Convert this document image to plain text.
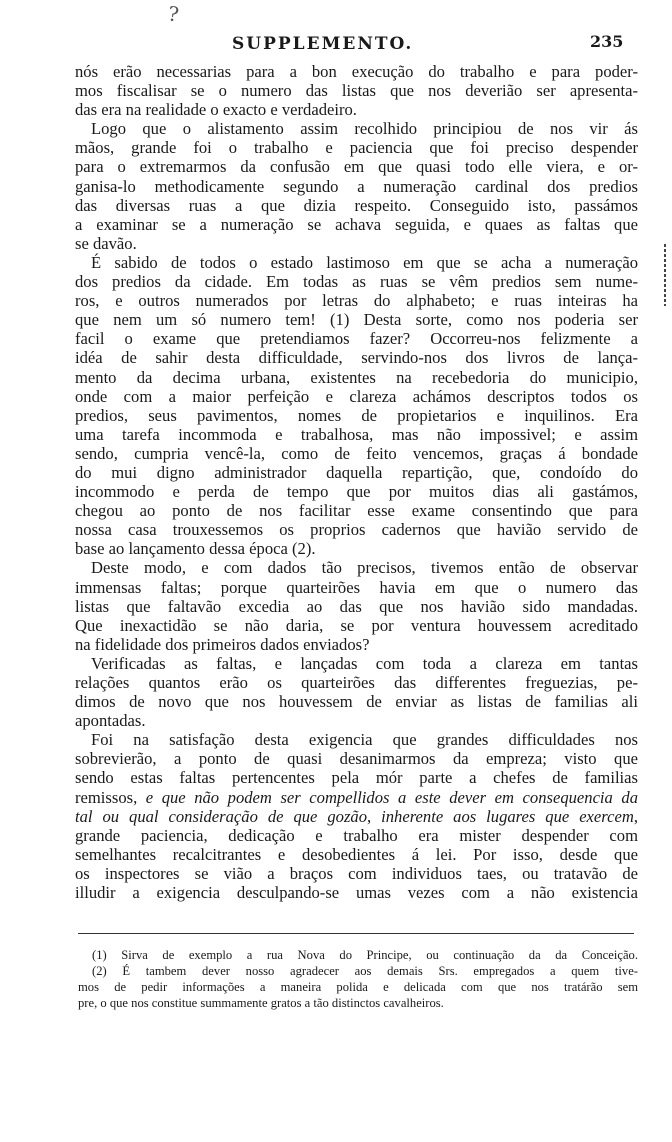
?
SUPPLEMENTO.	235
nós erão necessarias para a bon execução do trabalho e para poder-
mos fiscalisar se o numero das listas que nos deverião ser apresenta-
das era na realidade o exacto e verdadeiro.
Logo que o alistamento assim recolhido principiou de nos vir ás
mãos, grande foi o trabalho e paciencia que foi preciso despender
para o extremarmos da confusão em que quasi todo elle viera, e or-
ganisa-lo methodicamente segundo a numeração cardinal dos predios
das diversas ruas a que dizia respeito. Conseguido isto, passámos
a examinar se a numeração se achava seguida, e quaes as faltas que
se davão.
É sabido de todos o estado lastimoso em que se acha a numeração
dos predios da cidade. Em todas as ruas se vêm predios sem nume-
ros, e outros numerados por letras do alphabeto; e ruas inteiras ha
que nem um só numero tem! (1) Desta sorte, como nos poderia ser
facil o exame que pretendiamos fazer? Occorreu-nos felizmente a
idéa de sahir desta difficuldade, servindo-nos dos livros de lança-
mento da decima urbana, existentes na recebedoria do municipio,
onde com a maior perfeição e clareza achámos descriptos todos os
predios, seus pavimentos, nomes de propietarios e inquilinos. Era
uma tarefa incommoda e trabalhosa, mas não impossivel; e assim
sendo, cumpria vencê-la, como de feito vencemos, graças á bondade
do mui digno administrador daquella repartição, que, condoído do
incommodo e perda de tempo que por muitos dias ali gastámos,
chegou ao ponto de nos facilitar esse exame consentindo que para
nossa casa trouxessemos os proprios cadernos que havião servido de
base ao lançamento dessa época (2).
Deste modo, e com dados tão precisos, tivemos então de observar
immensas faltas; porque quarteirões havia em que o numero das
listas que faltavão excedia ao das que nos havião sido mandadas.
Que inexactidão se não daria, se por ventura houvessem acreditado
na fidelidade dos primeiros dados enviados?
Verificadas as faltas, e lançadas com toda a clareza em tantas
relações quantos erão os quarteirões das differentes freguezias, pe-
dimos de novo que nos houvessem de enviar as listas de familias ali
apontadas.
Foi na satisfação desta exigencia que grandes difficuldades nos
sobrevierão, a ponto de quasi desanimarmos da empreza; visto que
sendo estas faltas pertencentes pela mór parte a chefes de familias
remissos, e que não podem ser compellidos a este dever em consequencia da
tal ou qual consideração de que gozão, inherente aos lugares que exercem,
grande paciencia, dedicação e trabalho era mister despender com
semelhantes recalcitrantes e desobedientes á lei. Por isso, desde que
os inspectores se vião a braços com individuos taes, ou tratavão de
illudir a exigencia desculpando-se umas vezes com a não existencia
(1) Sirva de exemplo a rua Nova do Principe, ou continuação da da Conceição.
(2) É tambem dever nosso agradecer aos demais Srs. empregados a quem tive-
mos de pedir informações a maneira polida e delicada com que nos tratárão sem
pre, o que nos constitue summamente gratos a tão distinctos cavalheiros.
